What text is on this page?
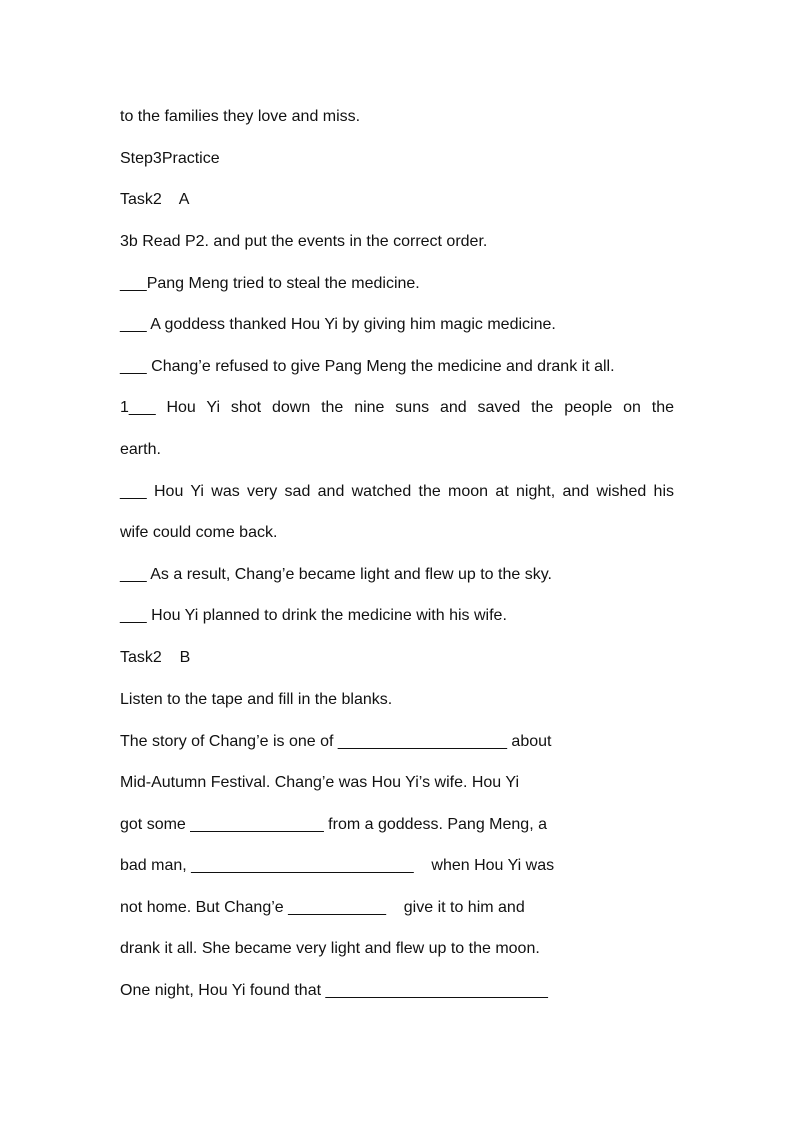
to the families they love and miss.
Step3Practice
Task2    A
3b Read P2. and put the events in the correct order.
___Pang Meng tried to steal the medicine.
___ A goddess thanked Hou Yi by giving him magic medicine.
___ Chang’e refused to give Pang Meng the medicine and drank it all.
1___ Hou Yi shot down the nine suns and saved the people on the
earth.
___ Hou Yi was very sad and watched the moon at night, and wished his
wife could come back.
___ As a result, Chang’e became light and flew up to the sky.
___ Hou Yi planned to drink the medicine with his wife.
Task2    B
Listen to the tape and fill in the blanks.
The story of Chang’e is one of ___________________ about
Mid-Autumn Festival. Chang’e was Hou Yi’s wife. Hou Yi
got some _______________ from a goddess. Pang Meng, a
bad man, _________________________    when Hou Yi was
not home. But Chang’e ___________    give it to him and
drank it all. She became very light and flew up to the moon.
One night, Hou Yi found that _________________________
